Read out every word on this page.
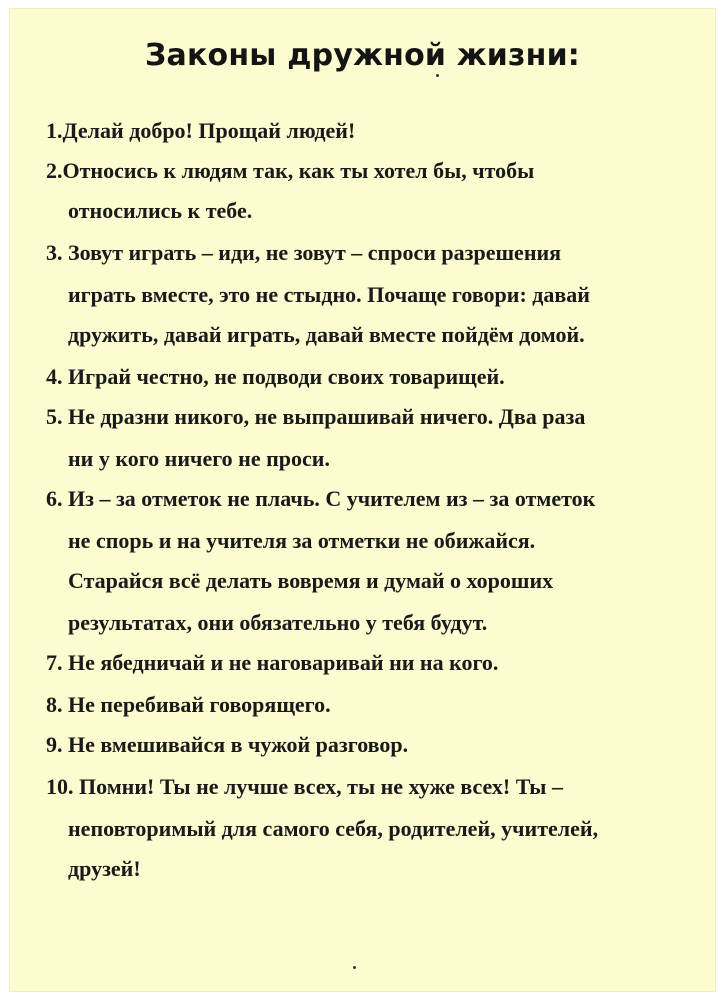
Законы дружной жизни:
1.Делай добро! Прощай людей!
2.Относись к людям так, как ты хотел бы, чтобы
относились к тебе.
3. Зовут играть – иди, не зовут – спроси разрешения
играть вместе, это не стыдно. Почаще говори: давай
дружить, давай играть, давай вместе пойдём домой.
4. Играй честно, не подводи своих товарищей.
5. Не дразни никого, не выпрашивай ничего. Два раза
ни у кого ничего не проси.
6. Из – за отметок не плачь. С учителем из – за отметок
не спорь и на учителя за отметки не обижайся.
Старайся всё делать вовремя и думай о хороших
результатах, они обязательно у тебя будут.
7. Не ябедничай и не наговаривай ни на кого.
8. Не перебивай говорящего.
9. Не вмешивайся в чужой разговор.
10. Помни! Ты не лучше всех, ты не хуже всех! Ты –
неповторимый для самого себя, родителей, учителей,
друзей!
